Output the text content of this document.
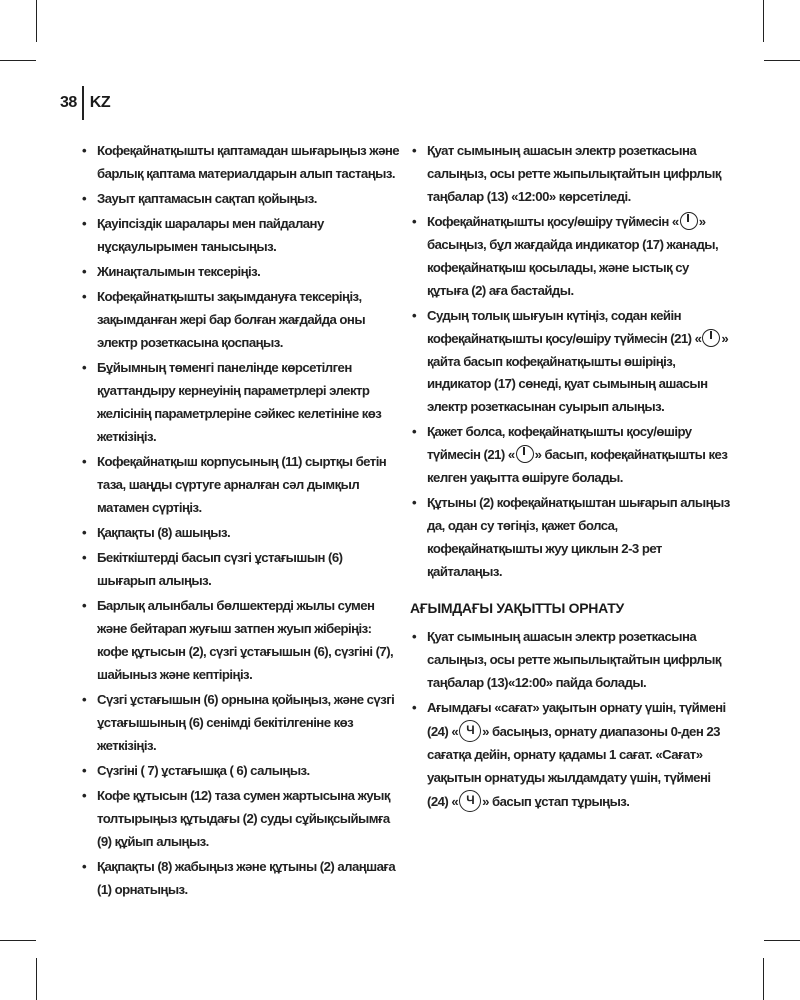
38 KZ
• Кофеқайнатқышты қаптамадан шығарыңыз және барлық қаптама материалдарын алып тастаңыз.
• Зауыт қаптамасын сақтап қойыңыз.
• Қауіпсіздік шаралары мен пайдалану нұсқаулырымен танысыңыз.
• Жинақталымын тексеріңіз.
• Кофеқайнатқышты зақымдануға тексеріңіз, зақымданған жері бар болған жағдайда оны электр розеткасына қоспаңыз.
• Бұйымның төменгі панелінде көрсетілген қуаттандыру кернеуінің параметрлері электр желісінің параметрлеріне сәйкес келетініне көз жеткізіңіз.
• Кофеқайнатқыш корпусының (11) сыртқы бетін таза, шаңды сүртуге арналған сәл дымқыл матамен сүртіңіз.
• Қақпақты (8) ашыңыз.
• Бекіткіштерді басып сүзгі ұстағышын (6) шығарып алыңыз.
• Барлық алынбалы бөлшектерді жылы сумен және бейтарап жуғыш затпен жуып жіберіңіз: кофе құтысын (2), сүзгі ұстағышын (6), сүзгіні (7), шайыныз және кептіріңіз.
• Сүзгі ұстағышын (6) орнына қойыңыз, және сүзгі ұстағышының (6) сенімді бекітілгеніне көз жеткізіңіз.
• Сүзгіні ( 7) ұстағышқа ( 6) салыңыз.
• Кофе құтысын (12) таза сумен жартысына жуық толтырыңыз құтыдағы (2) суды сұйықсыйымға (9) құйып алыңыз.
• Қақпақты (8) жабыңыз және құтыны (2) алаңшаға (1) орнатыңыз.
• Қуат сымының ашасын электр розеткасына салыңыз, осы ретте жыпылықтайтын цифрлық таңбалар (13) «12:00» көрсетіледі.
• Кофеқайнатқышты қосу/өшіру түймесін « » басыңыз, бұл жағдайда индикатор (17) жанады, кофеқайнатқыш қосылады, және ыстық су құтыға (2) аға бастайды.
• Судың толық шығуын күтіңіз, содан кейін кофеқайнатқышты қосу/өшіру түймесін (21) « » қайта басып кофеқайнатқышты өшіріңіз, индикатор (17) сөнеді, қуат сымының ашасын электр розеткасынан суырып алыңыз.
• Қажет болса, кофеқайнатқышты қосу/өшіру түймесін (21) « » басып, кофеқайнатқышты кез келген уақытта өшіруге болады.
• Құтыны (2) кофеқайнатқыштан шығарып алыңыз да, одан су төгіңіз, қажет болса, кофеқайнатқышты жуу циклын 2-3 рет қайталаңыз.
АҒЫМДАҒЫ УАҚЫТТЫ ОРНАТУ
• Қуат сымының ашасын электр розеткасына салыңыз, осы ретте жыпылықтайтын цифрлық таңбалар (13)«12:00» пайда болады.
• Ағымдағы «сағат» уақытын орнату үшін, түймені (24) « Ч » басыңыз, орнату диапазоны 0-ден 23 сағатқа дейін, орнату қадамы 1 сағат. «Сағат» уақытын орнатуды жылдамдату үшін, түймені (24) « Ч » басып ұстап тұрыңыз.
